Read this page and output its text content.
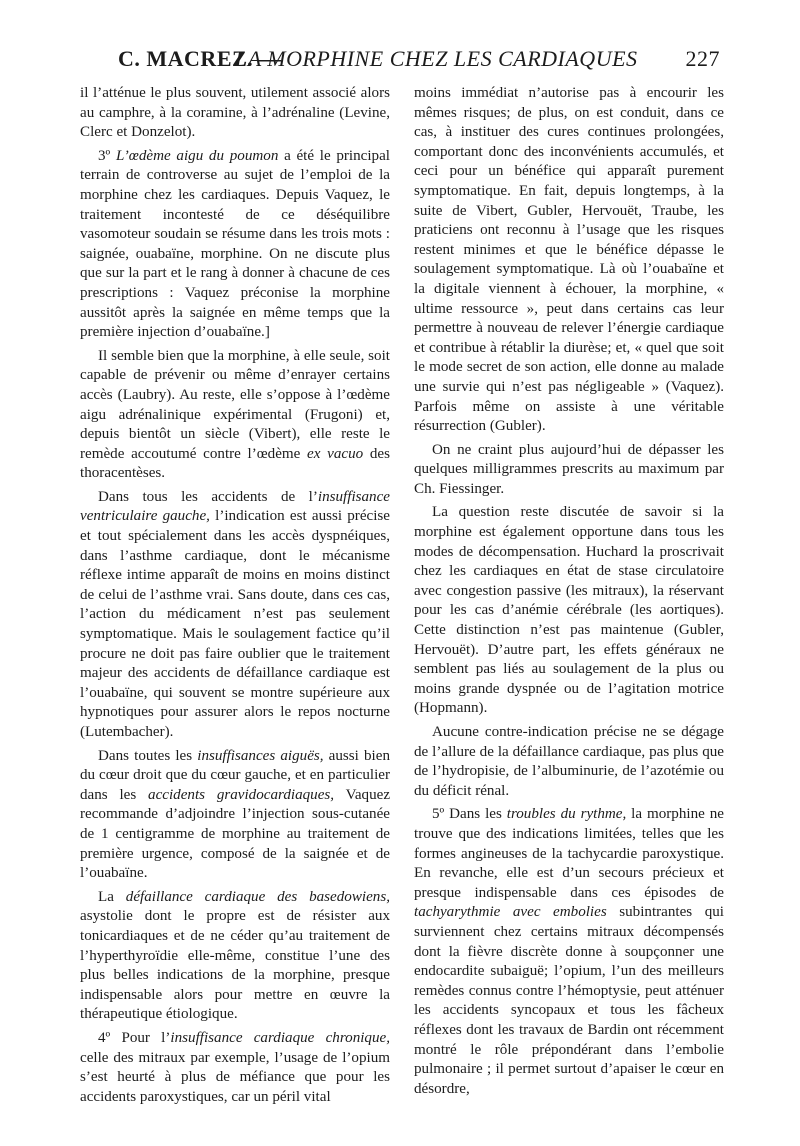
C. MACREZ. —
LA MORPHINE CHEZ LES CARDIAQUES 227

il l’atténue le plus souvent, utilement associé alors au camphre, à la coramine, à l’adrénaline (Levine, Clerc et Donzelot).

3º L’œdème aigu du poumon a été le principal terrain de controverse au sujet de l’emploi de la morphine chez les cardiaques. Depuis Vaquez, le traitement incontesté de ce déséquilibre vasomoteur soudain se résume dans les trois mots : saignée, ouabaïne, morphine. On ne discute plus que sur la part et le rang à donner à chacune de ces prescriptions : Vaquez préconise la morphine aussitôt après la saignée en même temps que la première injection d’ouabaïne.]

Il semble bien que la morphine, à elle seule, soit capable de prévenir ou même d’enrayer certains accès (Laubry). Au reste, elle s’oppose à l’œdème aigu adrénalinique expérimental (Frugoni) et, depuis bientôt un siècle (Vibert), elle reste le remède accoutumé contre l’œdème ex vacuo des thoracentèses.

Dans tous les accidents de l’insuffisance ventriculaire gauche, l’indication est aussi précise et tout spécialement dans les accès dyspnéiques, dans l’asthme cardiaque, dont le mécanisme réflexe intime apparaît de moins en moins distinct de celui de l’asthme vrai. Sans doute, dans ces cas, l’action du médicament n’est pas seulement symptomatique. Mais le soulagement factice qu’il procure ne doit pas faire oublier que le traitement majeur des accidents de défaillance cardiaque est l’ouabaïne, qui souvent se montre supérieure aux hypnotiques pour assurer alors le repos nocturne (Lutembacher).

Dans toutes les insuffisances aiguës, aussi bien du cœur droit que du cœur gauche, et en particulier dans les accidents gravidocardiaques, Vaquez recommande d’adjoindre l’injection sous-cutanée de 1 centigramme de morphine au traitement de première urgence, composé de la saignée et de l’ouabaïne.

La défaillance cardiaque des basedowiens, asystolie dont le propre est de résister aux tonicardiaques et de ne céder qu’au traitement de l’hyperthyroïdie elle-même, constitue l’une des plus belles indications de la morphine, presque indispensable alors pour mettre en œuvre la thérapeutique étiologique.

4º Pour l’insuffisance cardiaque chronique, celle des mitraux par exemple, l’usage de l’opium s’est heurté à plus de méfiance que pour les accidents paroxystiques, car un péril vital

moins immédiat n’autorise pas à encourir les mêmes risques; de plus, on est conduit, dans ce cas, à instituer des cures continues prolongées, comportant donc des inconvénients accumulés, et ceci pour un bénéfice qui apparaît purement symptomatique. En fait, depuis longtemps, à la suite de Vibert, Gubler, Hervouët, Traube, les praticiens ont reconnu à l’usage que les risques restent minimes et que le bénéfice dépasse le soulagement symptomatique. Là où l’ouabaïne et la digitale viennent à échouer, la morphine, « ultime ressource », peut dans certains cas leur permettre à nouveau de relever l’énergie cardiaque et contribue à rétablir la diurèse; et, « quel que soit le mode secret de son action, elle donne au malade une survie qui n’est pas négligeable » (Vaquez). Parfois même on assiste à une véritable résurrection (Gubler).

On ne craint plus aujourd’hui de dépasser les quelques milligrammes prescrits au maximum par Ch. Fiessinger.

La question reste discutée de savoir si la morphine est également opportune dans tous les modes de décompensation. Huchard la proscrivait chez les cardiaques en état de stase circulatoire avec congestion passive (les mitraux), la réservant pour les cas d’anémie cérébrale (les aortiques). Cette distinction n’est pas maintenue (Gubler, Hervouët). D’autre part, les effets généraux ne semblent pas liés au soulagement de la plus ou moins grande dyspnée ou de l’agitation motrice (Hopmann).

Aucune contre-indication précise ne se dégage de l’allure de la défaillance cardiaque, pas plus que de l’hydropisie, de l’albuminurie, de l’azotémie ou du déficit rénal.

5º Dans les troubles du rythme, la morphine ne trouve que des indications limitées, telles que les formes angineuses de la tachycardie paroxystique. En revanche, elle est d’un secours précieux et presque indispensable dans ces épisodes de tachyarythmie avec embolies subintrantes qui surviennent chez certains mitraux décompensés dont la fièvre discrète donne à soupçonner une endocardite subaiguë; l’opium, l’un des meilleurs remèdes connus contre l’hémoptysie, peut atténuer les accidents syncopaux et tous les fâcheux réflexes dont les travaux de Bardin ont récemment montré le rôle prépondérant dans l’embolie pulmonaire ; il permet surtout d’apaiser le cœur en désordre,
